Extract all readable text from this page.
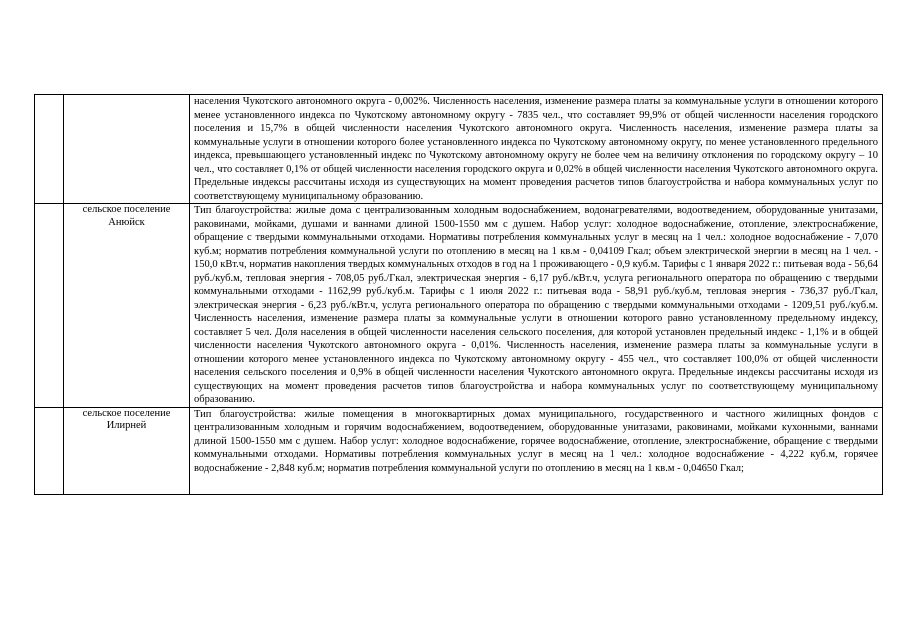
		населения Чукотского автономного округа - 0,002%. Численность населения, изменение размера платы за коммунальные услуги в отношении которого менее установленного индекса по Чукотскому автономному округу - 7835 чел., что составляет 99,9% от общей численности населения городского поселения и 15,7% в общей численности населения Чукотского автономного округа. Численность населения, изменение размера платы за коммунальные услуги в отношении которого более установленного индекса по Чукотскому автономному округу, по менее установленного предельного индекса, превышающего установленный индекс по Чукотскому автономному округу не более чем на величину отклонения по городскому округу – 10 чел., что составляет 0,1% от общей численности населения городского округа и 0,02% в общей численности населения Чукотского автономного округа. Предельные индексы рассчитаны исходя из существующих на момент проведения расчетов типов благоустройства и набора коммунальных услуг по соответствующему муниципальному образованию.

	сельское поселение Анюйск	Тип благоустройства: жилые дома с централизованным холодным водоснабжением, водонагревателями, водоотведением, оборудованные унитазами, раковинами, мойками, душами и ваннами длиной 1500-1550 мм с душем. Набор услуг: холодное водоснабжение, отопление, электроснабжение, обращение с твердыми коммунальными отходами. Нормативы потребления коммунальных услуг в месяц на 1 чел.: холодное водоснабжение - 7,070 куб.м; норматив потребления коммунальной услуги по отоплению в месяц на 1 кв.м - 0,04109 Гкал; объем электрической энергии в месяц на 1 чел. - 150,0 кВт.ч, норматив накопления твердых коммунальных отходов в год на 1 проживающего - 0,9 куб.м. Тарифы с 1 января 2022 г.: питьевая вода - 56,64 руб./куб.м, тепловая энергия - 708,05 руб./Гкал, электрическая энергия - 6,17 руб./кВт.ч, услуга регионального оператора по обращению с твердыми коммунальными отходами - 1162,99 руб./куб.м. Тарифы с 1 июля 2022 г.: питьевая вода - 58,91 руб./куб.м, тепловая энергия - 736,37 руб./Гкал, электрическая энергия - 6,23 руб./кВт.ч, услуга регионального оператора по обращению с твердыми коммунальными отходами - 1209,51 руб./куб.м. Численность населения, изменение размера платы за коммунальные услуги в отношении которого равно установленному предельному индексу, составляет 5 чел. Доля населения в общей численности населения сельского поселения, для которой установлен предельный индекс - 1,1% и в общей численности населения Чукотского автономного округа - 0,01%. Численность населения, изменение размера платы за коммунальные услуги в отношении которого менее установленного индекса по Чукотскому автономному округу - 455 чел., что составляет 100,0% от общей численности населения сельского поселения и 0,9% в общей численности населения Чукотского автономного округа. Предельные индексы рассчитаны исходя из существующих на момент проведения расчетов типов благоустройства и набора коммунальных услуг по соответствующему муниципальному образованию.

	сельское поселение Илирней	Тип благоустройства: жилые помещения в многоквартирных домах муниципального, государственного и частного жилищных фондов с централизованным холодным и горячим водоснабжением, водоотведением, оборудованные унитазами, раковинами, мойками кухонными, ваннами длиной 1500-1550 мм с душем. Набор услуг: холодное водоснабжение, горячее водоснабжение, отопление, электроснабжение, обращение с твердыми коммунальными отходами. Нормативы потребления коммунальных услуг в месяц на 1 чел.: холодное водоснабжение - 4,222 куб.м, горячее водоснабжение - 2,848 куб.м; норматив потребления коммунальной услуги по отоплению в месяц на 1 кв.м - 0,04650 Гкал;
